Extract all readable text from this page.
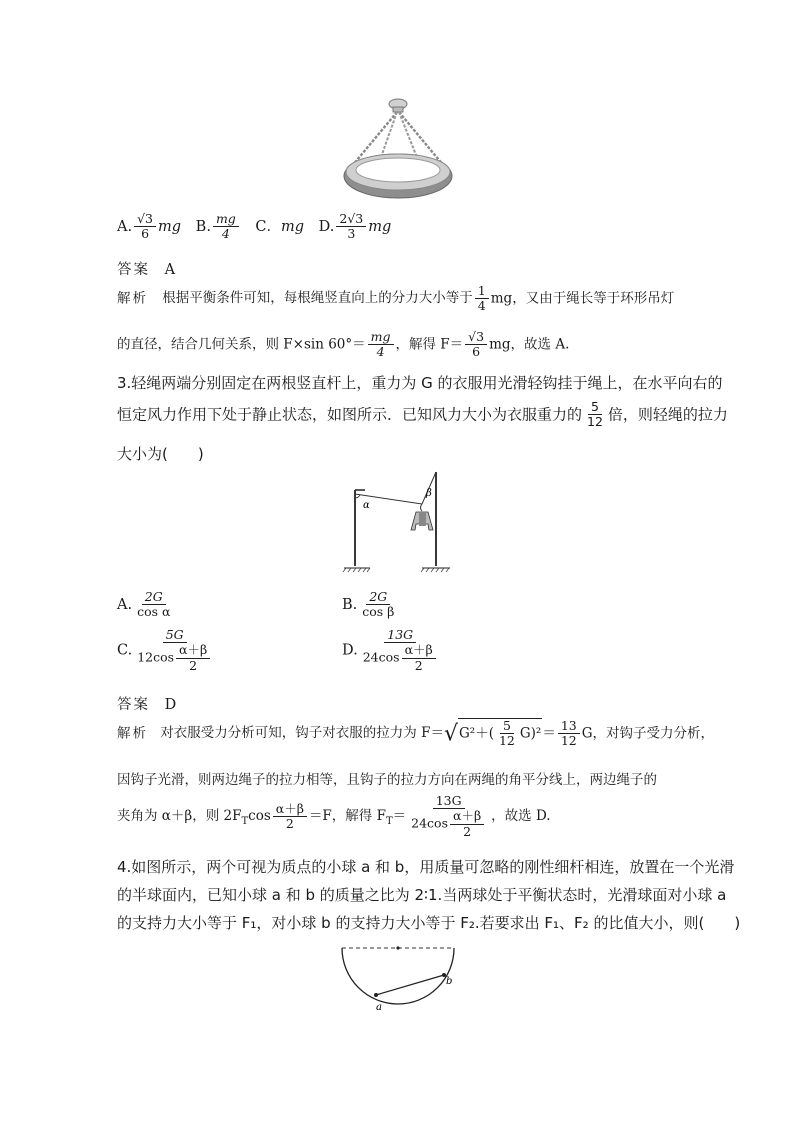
A. $\frac{√3}{6}$ mg B. $\frac{mg}{4}$ C．mg D. $\frac{2√3}{3}$ mg
答案 A
解析 根据平衡条件可知，每根绳竖直向上的分力大小等于 $\frac{1}{4}$ mg，又由于绳长等于环形吊灯
的直径，结合几何关系，则 F×sin $60^\circ= \frac{mg}{4}$ ，解得 $F= \frac{√3}{6}$ mg，故选 A.
3.轻绳两端分别固定在两根竖直杆上，重力为 G 的衣服用光滑轻钩挂于绳上，在水平向右的
恒定风力作用下处于静止状态，如图所示．已知风力大小为衣服重力的 $\frac{5}{12}$ 倍，则轻绳的拉力
大小为(　　)
α
β
A. $\frac{2G}{\text{cos α}}$	B. $\frac{2G}{\text{cos β}}$
C. $\frac{5G}{12\cos \frac{\alpha+\beta}{2}}$	D. $\frac{13G}{24\cos \frac{\alpha+\beta}{2}}$
答案 D
解析 对衣服受力分析可知，钩子对衣服的拉力为 $F=√G^2+( \frac{5}{12} G)^2= \frac{13}{12}$ G，对钩子受力分析，
因钩子光滑，则两边绳子的拉力相等，且钩子的拉力方向在两绳的角平分线上，两边绳子的
夹角为 α＋β，则 $2F_T\cos \frac{\alpha+\beta}{2} =F$，解得 $F_T= \frac{13G}{24\cos \frac{\alpha+\beta}{2}}$ ，故选 D.
4.如图所示，两个可视为质点的小球 a 和 b，用质量可忽略的刚性细杆相连，放置在一个光滑
的半球面内，已知小球 a 和 b 的质量之比为 2∶1.当两球处于平衡状态时，光滑球面对小球 a
的支持力大小等于 F₁，对小球 b 的支持力大小等于 F₂.若要求出 F₁、F₂ 的比值大小，则(　　)
a
b
